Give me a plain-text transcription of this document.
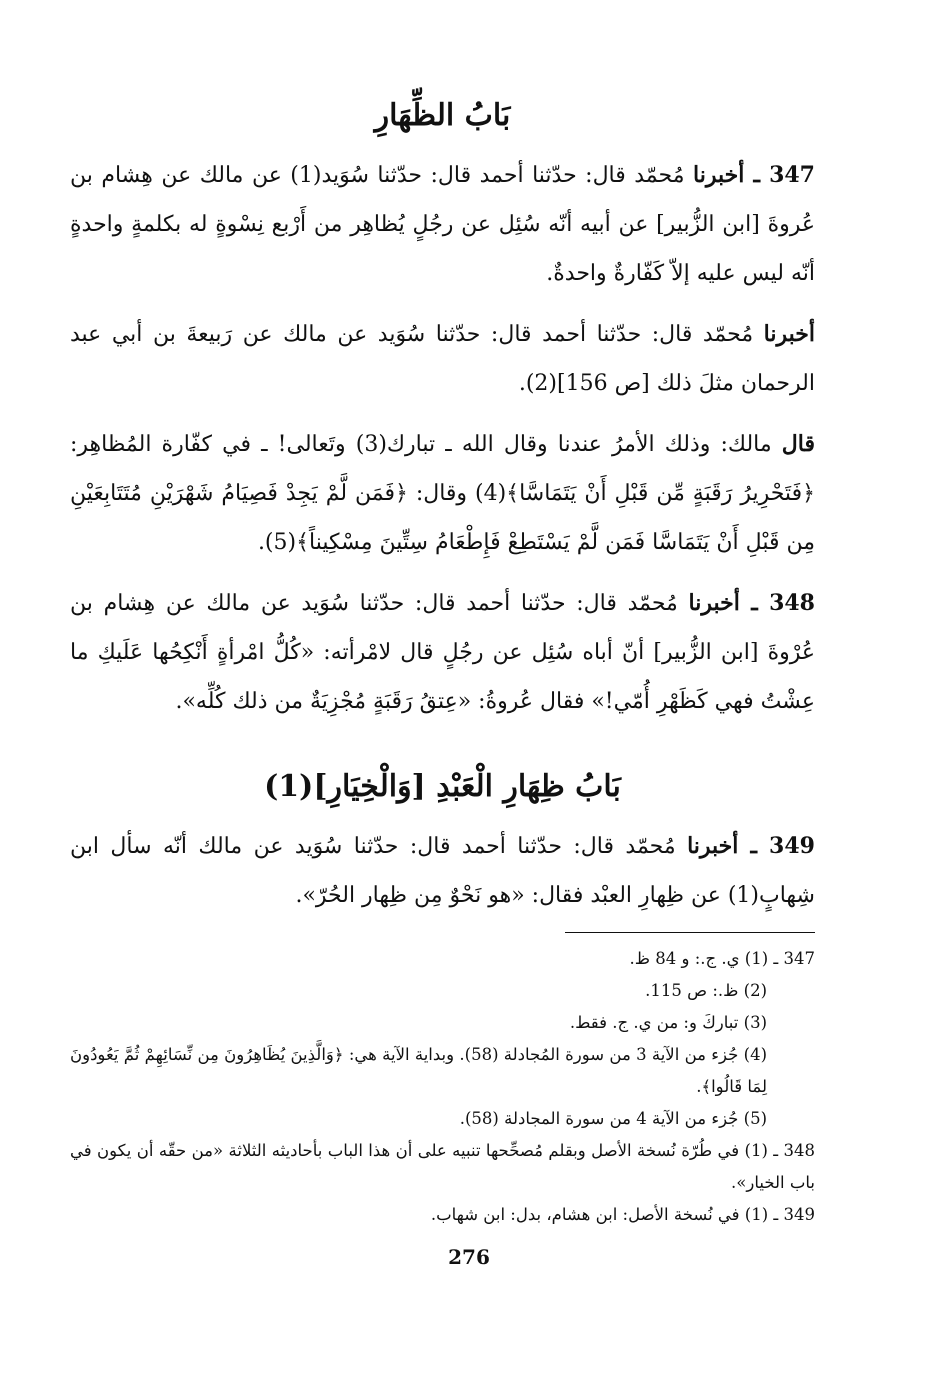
بَابُ الظِّهَارِ

347 ـ أخبرنا مُحمّد قال: حدّثنا أحمد قال: حدّثنا سُوَيد(1) عن مالك عن هِشام بن عُروةَ [ابن الزُّبير] عن أبيه أنّه سُئِل عن رجُلٍ يُظاهِر من أَرْبع نِسْوةٍ له بكلمةٍ واحدةٍ أنّه ليس عليه إلاّ كَفّارةٌ واحدةٌ.

أخبرنا مُحمّد قال: حدّثنا أحمد قال: حدّثنا سُوَيد عن مالك عن رَبيعةَ بن أبي عبد الرحمان مثلَ ذلك [ص 156](2).

قال مالك: وذلك الأمرُ عندنا وقال الله ـ تبارك(3) وتَعالى! ـ في كفّارة المُظاهِر: ﴿فَتَحْرِيرُ رَقَبَةٍ مِّن قَبْلِ أَنْ يَتَمَاسَّا﴾(4) وقال: ﴿فَمَن لَّمْ يَجِدْ فَصِيَامُ شَهْرَيْنِ مُتَتَابِعَيْنِ مِن قَبْلِ أَنْ يَتَمَاسَّا فَمَن لَّمْ يَسْتَطِعْ فَإِطْعَامُ سِتِّينَ مِسْكِيناً﴾(5).

348 ـ أخبرنا مُحمّد قال: حدّثنا أحمد قال: حدّثنا سُوَيد عن مالك عن هِشام بن عُرْوةَ [ابن الزُّبير] أنّ أباه سُئِل عن رجُلٍ قال لامْرأته: «كُلُّ امْرأةٍ أَنْكِحُها عَلَيكِ ما عِشْتُ فهي كَظَهْرِ أُمّي!» فقال عُروةُ: «عِتقُ رَقَبَةٍ مُجْزِيَةٌ من ذلك كُلِّه».

بَابُ ظِهَارِ الْعَبْدِ [وَالْخِيَارِ](1)

349 ـ أخبرنا مُحمّد قال: حدّثنا أحمد قال: حدّثنا سُوَيد عن مالك أنّه سأل ابن شِهابٍ(1) عن ظِهارِ العبْد فقال: «هو نَحْوٌ مِن ظِهار الحُرّ».

347 ـ (1) ي. ج.: و 84 ظ.

(2) ظ.: ص 115.

(3) تباركَ و: من ي. ج. فقط.

(4) جُزء من الآية 3 من سورة المُجادلة (58). وبداية الآية هي: ﴿وَالَّذِينَ يُظَاهِرُونَ مِن نِّسَائِهِمْ ثُمَّ يَعُودُونَ لِمَا قَالُوا﴾.

(5) جُزء من الآية 4 من سورة المجادلة (58).

348 ـ (1) في طُرّة نُسخة الأصل وبقلم مُصحِّحها تنبيه على أن هذا الباب بأحاديثه الثلاثة «من حقّه أن يكون في باب الخيار».

349 ـ (1) في نُسخة الأصل: ابن هشام، بدل: ابن شهاب.

276
